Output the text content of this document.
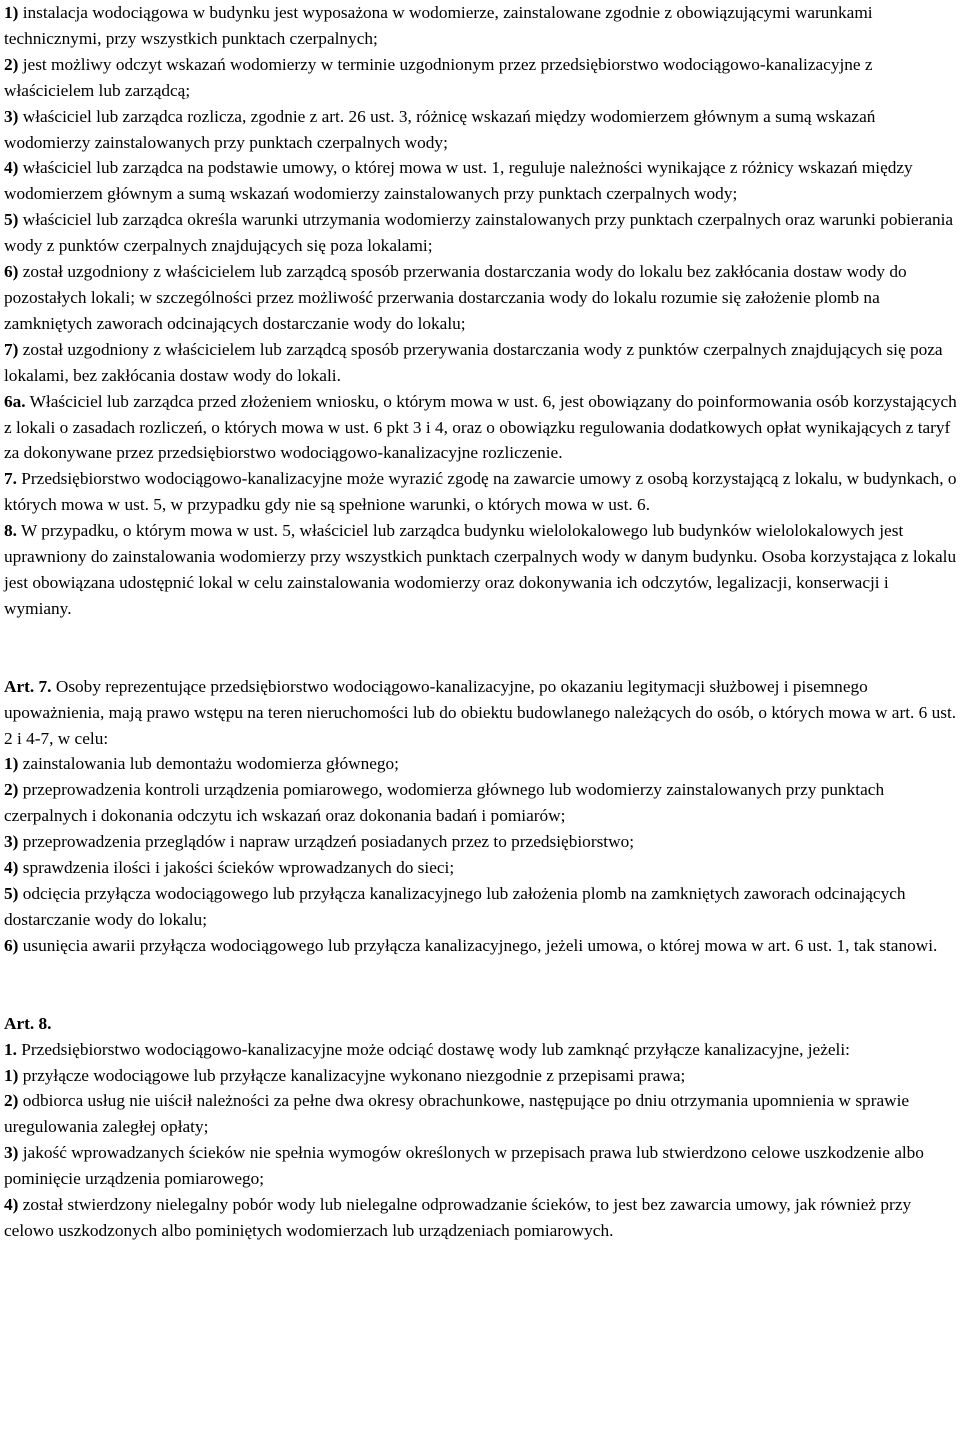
1) instalacja wodociągowa w budynku jest wyposażona w wodomierze, zainstalowane zgodnie z obowiązującymi warunkami technicznymi, przy wszystkich punktach czerpalnych;

2) jest możliwy odczyt wskazań wodomierzy w terminie uzgodnionym przez przedsiębiorstwo wodociągowo-kanalizacyjne z właścicielem lub zarządcą;

3) właściciel lub zarządca rozlicza, zgodnie z art. 26 ust. 3, różnicę wskazań między wodomierzem głównym a sumą wskazań wodomierzy zainstalowanych przy punktach czerpalnych wody;

4) właściciel lub zarządca na podstawie umowy, o której mowa w ust. 1, reguluje należności wynikające z różnicy wskazań między wodomierzem głównym a sumą wskazań wodomierzy zainstalowanych przy punktach czerpalnych wody;

5) właściciel lub zarządca określa warunki utrzymania wodomierzy zainstalowanych przy punktach czerpalnych oraz warunki pobierania wody z punktów czerpalnych znajdujących się poza lokalami;

6) został uzgodniony z właścicielem lub zarządcą sposób przerwania dostarczania wody do lokalu bez zakłócania dostaw wody do pozostałych lokali; w szczególności przez możliwość przerwania dostarczania wody do lokalu rozumie się założenie plomb na zamkniętych zaworach odcinających dostarczanie wody do lokalu;

7) został uzgodniony z właścicielem lub zarządcą sposób przerywania dostarczania wody z punktów czerpalnych znajdujących się poza lokalami, bez zakłócania dostaw wody do lokali.

6a. Właściciel lub zarządca przed złożeniem wniosku, o którym mowa w ust. 6, jest obowiązany do poinformowania osób korzystających z lokali o zasadach rozliczeń, o których mowa w ust. 6 pkt 3 i 4, oraz o obowiązku regulowania dodatkowych opłat wynikających z taryf za dokonywane przez przedsiębiorstwo wodociągowo-kanalizacyjne rozliczenie.

7. Przedsiębiorstwo wodociągowo-kanalizacyjne może wyrazić zgodę na zawarcie umowy z osobą korzystającą z lokalu, w budynkach, o których mowa w ust. 5, w przypadku gdy nie są spełnione warunki, o których mowa w ust. 6.

8. W przypadku, o którym mowa w ust. 5, właściciel lub zarządca budynku wielolokalowego lub budynków wielolokalowych jest uprawniony do zainstalowania wodomierzy przy wszystkich punktach czerpalnych wody w danym budynku. Osoba korzystająca z lokalu jest obowiązana udostępnić lokal w celu zainstalowania wodomierzy oraz dokonywania ich odczytów, legalizacji, konserwacji i wymiany.

Art. 7. Osoby reprezentujące przedsiębiorstwo wodociągowo-kanalizacyjne, po okazaniu legitymacji służbowej i pisemnego upoważnienia, mają prawo wstępu na teren nieruchomości lub do obiektu budowlanego należących do osób, o których mowa w art. 6 ust. 2 i 4-7, w celu:

1) zainstalowania lub demontażu wodomierza głównego;

2) przeprowadzenia kontroli urządzenia pomiarowego, wodomierza głównego lub wodomierzy zainstalowanych przy punktach czerpalnych i dokonania odczytu ich wskazań oraz dokonania badań i pomiarów;

3) przeprowadzenia przeglądów i napraw urządzeń posiadanych przez to przedsiębiorstwo;

4) sprawdzenia ilości i jakości ścieków wprowadzanych do sieci;

5) odcięcia przyłącza wodociągowego lub przyłącza kanalizacyjnego lub założenia plomb na zamkniętych zaworach odcinających dostarczanie wody do lokalu;

6) usunięcia awarii przyłącza wodociągowego lub przyłącza kanalizacyjnego, jeżeli umowa, o której mowa w art. 6 ust. 1, tak stanowi.

Art. 8.

1. Przedsiębiorstwo wodociągowo-kanalizacyjne może odciąć dostawę wody lub zamknąć przyłącze kanalizacyjne, jeżeli:

1) przyłącze wodociągowe lub przyłącze kanalizacyjne wykonano niezgodnie z przepisami prawa;

2) odbiorca usług nie uiścił należności za pełne dwa okresy obrachunkowe, następujące po dniu otrzymania upomnienia w sprawie uregulowania zaległej opłaty;

3) jakość wprowadzanych ścieków nie spełnia wymogów określonych w przepisach prawa lub stwierdzono celowe uszkodzenie albo pominięcie urządzenia pomiarowego;

4) został stwierdzony nielegalny pobór wody lub nielegalne odprowadzanie ścieków, to jest bez zawarcia umowy, jak również przy celowo uszkodzonych albo pominiętych wodomierzach lub urządzeniach pomiarowych.
